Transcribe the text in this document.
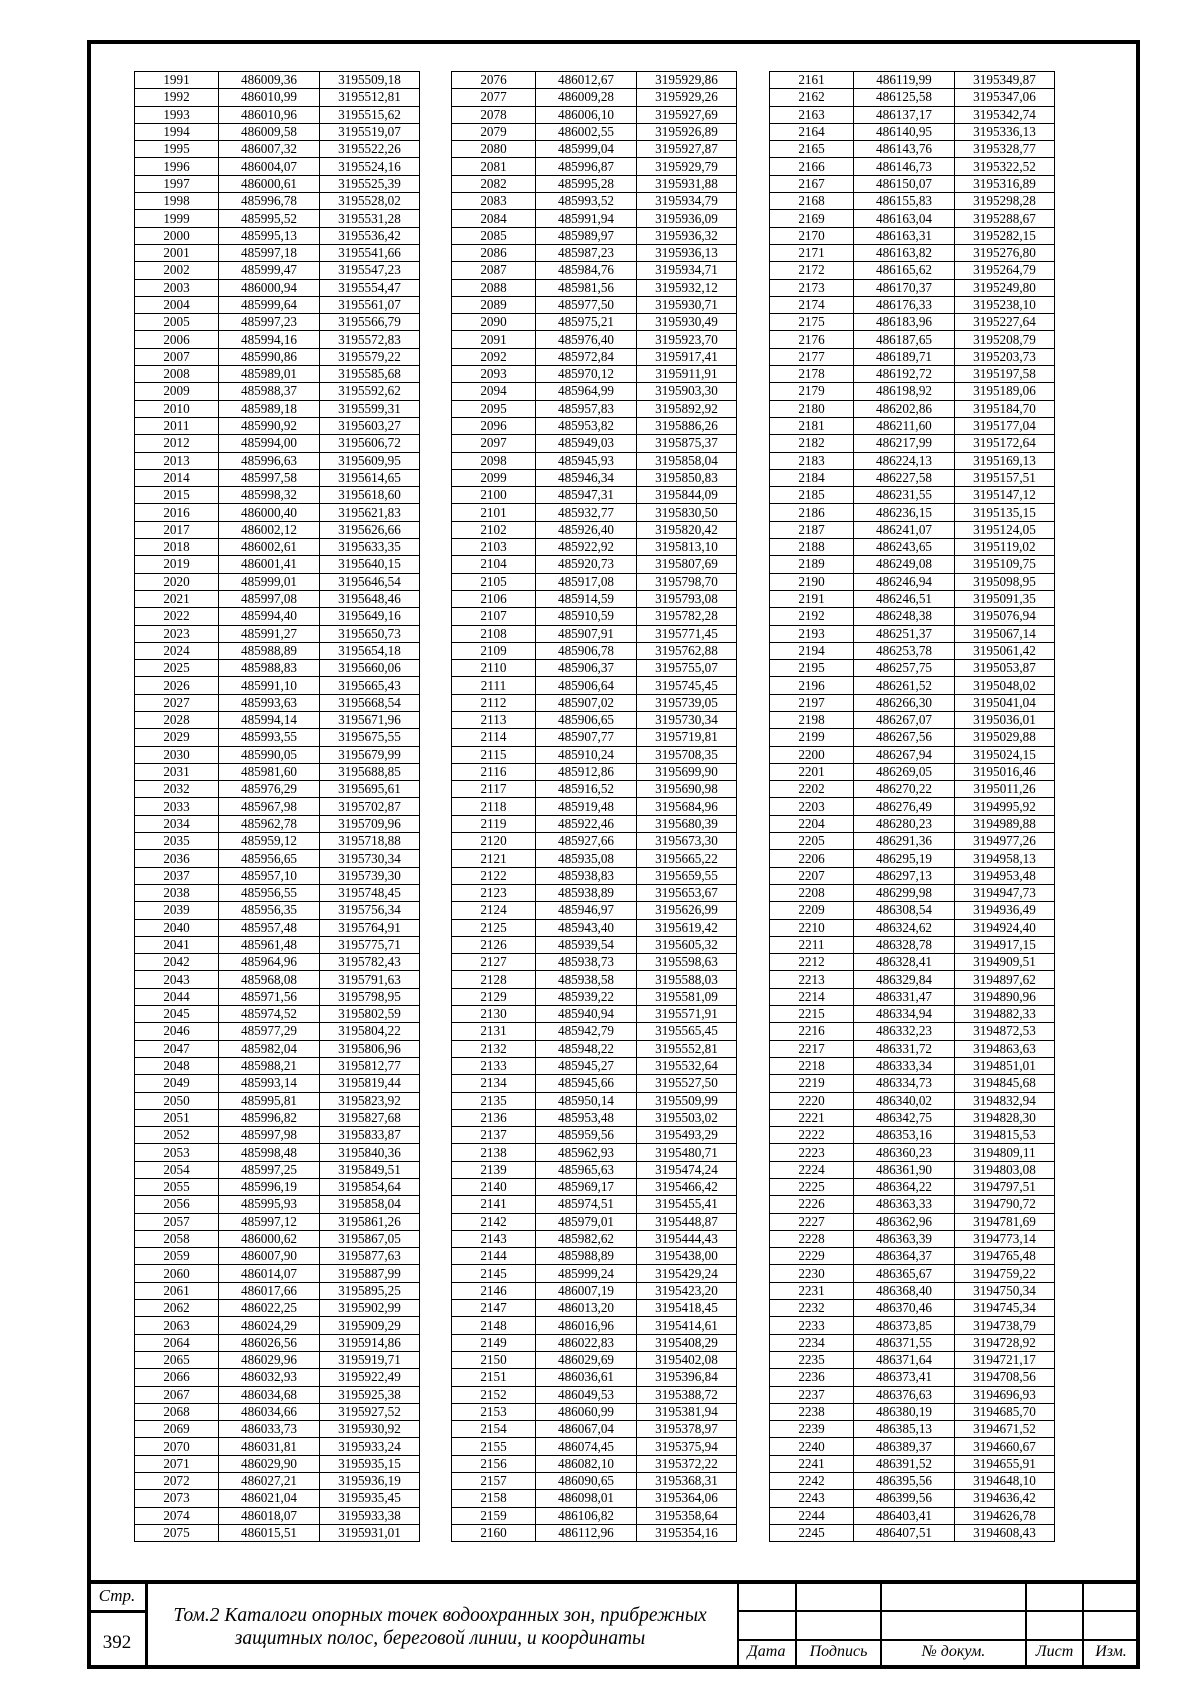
1991	486009,36	3195509,18
1992	486010,99	3195512,81
1993	486010,96	3195515,62
1994	486009,58	3195519,07
1995	486007,32	3195522,26
1996	486004,07	3195524,16
1997	486000,61	3195525,39
1998	485996,78	3195528,02
1999	485995,52	3195531,28
2000	485995,13	3195536,42
2001	485997,18	3195541,66
2002	485999,47	3195547,23
2003	486000,94	3195554,47
2004	485999,64	3195561,07
2005	485997,23	3195566,79
2006	485994,16	3195572,83
2007	485990,86	3195579,22
2008	485989,01	3195585,68
2009	485988,37	3195592,62
2010	485989,18	3195599,31
2011	485990,92	3195603,27
2012	485994,00	3195606,72
2013	485996,63	3195609,95
2014	485997,58	3195614,65
2015	485998,32	3195618,60
2016	486000,40	3195621,83
2017	486002,12	3195626,66
2018	486002,61	3195633,35
2019	486001,41	3195640,15
2020	485999,01	3195646,54
2021	485997,08	3195648,46
2022	485994,40	3195649,16
2023	485991,27	3195650,73
2024	485988,89	3195654,18
2025	485988,83	3195660,06
2026	485991,10	3195665,43
2027	485993,63	3195668,54
2028	485994,14	3195671,96
2029	485993,55	3195675,55
2030	485990,05	3195679,99
2031	485981,60	3195688,85
2032	485976,29	3195695,61
2033	485967,98	3195702,87
2034	485962,78	3195709,96
2035	485959,12	3195718,88
2036	485956,65	3195730,34
2037	485957,10	3195739,30
2038	485956,55	3195748,45
2039	485956,35	3195756,34
2040	485957,48	3195764,91
2041	485961,48	3195775,71
2042	485964,96	3195782,43
2043	485968,08	3195791,63
2044	485971,56	3195798,95
2045	485974,52	3195802,59
2046	485977,29	3195804,22
2047	485982,04	3195806,96
2048	485988,21	3195812,77
2049	485993,14	3195819,44
2050	485995,81	3195823,92
2051	485996,82	3195827,68
2052	485997,98	3195833,87
2053	485998,48	3195840,36
2054	485997,25	3195849,51
2055	485996,19	3195854,64
2056	485995,93	3195858,04
2057	485997,12	3195861,26
2058	486000,62	3195867,05
2059	486007,90	3195877,63
2060	486014,07	3195887,99
2061	486017,66	3195895,25
2062	486022,25	3195902,99
2063	486024,29	3195909,29
2064	486026,56	3195914,86
2065	486029,96	3195919,71
2066	486032,93	3195922,49
2067	486034,68	3195925,38
2068	486034,66	3195927,52
2069	486033,73	3195930,92
2070	486031,81	3195933,24
2071	486029,90	3195935,15
2072	486027,21	3195936,19
2073	486021,04	3195935,45
2074	486018,07	3195933,38
2075	486015,51	3195931,01
2076	486012,67	3195929,86
2077	486009,28	3195929,26
2078	486006,10	3195927,69
2079	486002,55	3195926,89
2080	485999,04	3195927,87
2081	485996,87	3195929,79
2082	485995,28	3195931,88
2083	485993,52	3195934,79
2084	485991,94	3195936,09
2085	485989,97	3195936,32
2086	485987,23	3195936,13
2087	485984,76	3195934,71
2088	485981,56	3195932,12
2089	485977,50	3195930,71
2090	485975,21	3195930,49
2091	485976,40	3195923,70
2092	485972,84	3195917,41
2093	485970,12	3195911,91
2094	485964,99	3195903,30
2095	485957,83	3195892,92
2096	485953,82	3195886,26
2097	485949,03	3195875,37
2098	485945,93	3195858,04
2099	485946,34	3195850,83
2100	485947,31	3195844,09
2101	485932,77	3195830,50
2102	485926,40	3195820,42
2103	485922,92	3195813,10
2104	485920,73	3195807,69
2105	485917,08	3195798,70
2106	485914,59	3195793,08
2107	485910,59	3195782,28
2108	485907,91	3195771,45
2109	485906,78	3195762,88
2110	485906,37	3195755,07
2111	485906,64	3195745,45
2112	485907,02	3195739,05
2113	485906,65	3195730,34
2114	485907,77	3195719,81
2115	485910,24	3195708,35
2116	485912,86	3195699,90
2117	485916,52	3195690,98
2118	485919,48	3195684,96
2119	485922,46	3195680,39
2120	485927,66	3195673,30
2121	485935,08	3195665,22
2122	485938,83	3195659,55
2123	485938,89	3195653,67
2124	485946,97	3195626,99
2125	485943,40	3195619,42
2126	485939,54	3195605,32
2127	485938,73	3195598,63
2128	485938,58	3195588,03
2129	485939,22	3195581,09
2130	485940,94	3195571,91
2131	485942,79	3195565,45
2132	485948,22	3195552,81
2133	485945,27	3195532,64
2134	485945,66	3195527,50
2135	485950,14	3195509,99
2136	485953,48	3195503,02
2137	485959,56	3195493,29
2138	485962,93	3195480,71
2139	485965,63	3195474,24
2140	485969,17	3195466,42
2141	485974,51	3195455,41
2142	485979,01	3195448,87
2143	485982,62	3195444,43
2144	485988,89	3195438,00
2145	485999,24	3195429,24
2146	486007,19	3195423,20
2147	486013,20	3195418,45
2148	486016,96	3195414,61
2149	486022,83	3195408,29
2150	486029,69	3195402,08
2151	486036,61	3195396,84
2152	486049,53	3195388,72
2153	486060,99	3195381,94
2154	486067,04	3195378,97
2155	486074,45	3195375,94
2156	486082,10	3195372,22
2157	486090,65	3195368,31
2158	486098,01	3195364,06
2159	486106,82	3195358,64
2160	486112,96	3195354,16
2161	486119,99	3195349,87
2162	486125,58	3195347,06
2163	486137,17	3195342,74
2164	486140,95	3195336,13
2165	486143,76	3195328,77
2166	486146,73	3195322,52
2167	486150,07	3195316,89
2168	486155,83	3195298,28
2169	486163,04	3195288,67
2170	486163,31	3195282,15
2171	486163,82	3195276,80
2172	486165,62	3195264,79
2173	486170,37	3195249,80
2174	486176,33	3195238,10
2175	486183,96	3195227,64
2176	486187,65	3195208,79
2177	486189,71	3195203,73
2178	486192,72	3195197,58
2179	486198,92	3195189,06
2180	486202,86	3195184,70
2181	486211,60	3195177,04
2182	486217,99	3195172,64
2183	486224,13	3195169,13
2184	486227,58	3195157,51
2185	486231,55	3195147,12
2186	486236,15	3195135,15
2187	486241,07	3195124,05
2188	486243,65	3195119,02
2189	486249,08	3195109,75
2190	486246,94	3195098,95
2191	486246,51	3195091,35
2192	486248,38	3195076,94
2193	486251,37	3195067,14
2194	486253,78	3195061,42
2195	486257,75	3195053,87
2196	486261,52	3195048,02
2197	486266,30	3195041,04
2198	486267,07	3195036,01
2199	486267,56	3195029,88
2200	486267,94	3195024,15
2201	486269,05	3195016,46
2202	486270,22	3195011,26
2203	486276,49	3194995,92
2204	486280,23	3194989,88
2205	486291,36	3194977,26
2206	486295,19	3194958,13
2207	486297,13	3194953,48
2208	486299,98	3194947,73
2209	486308,54	3194936,49
2210	486324,62	3194924,40
2211	486328,78	3194917,15
2212	486328,41	3194909,51
2213	486329,84	3194897,62
2214	486331,47	3194890,96
2215	486334,94	3194882,33
2216	486332,23	3194872,53
2217	486331,72	3194863,63
2218	486333,34	3194851,01
2219	486334,73	3194845,68
2220	486340,02	3194832,94
2221	486342,75	3194828,30
2222	486353,16	3194815,53
2223	486360,23	3194809,11
2224	486361,90	3194803,08
2225	486364,22	3194797,51
2226	486363,33	3194790,72
2227	486362,96	3194781,69
2228	486363,39	3194773,14
2229	486364,37	3194765,48
2230	486365,67	3194759,22
2231	486368,40	3194750,34
2232	486370,46	3194745,34
2233	486373,85	3194738,79
2234	486371,55	3194728,92
2235	486371,64	3194721,17
2236	486373,41	3194708,56
2237	486376,63	3194696,93
2238	486380,19	3194685,70
2239	486385,13	3194671,52
2240	486389,37	3194660,67
2241	486391,52	3194655,91
2242	486395,56	3194648,10
2243	486399,56	3194636,42
2244	486403,41	3194626,78
2245	486407,51	3194608,43
Стр.
392
Том.2 Каталоги опорных точек водоохранных зон, прибрежных защитных полос, береговой линии, и координаты
Дата	Подпись	№ докум.	Лист	Изм.
